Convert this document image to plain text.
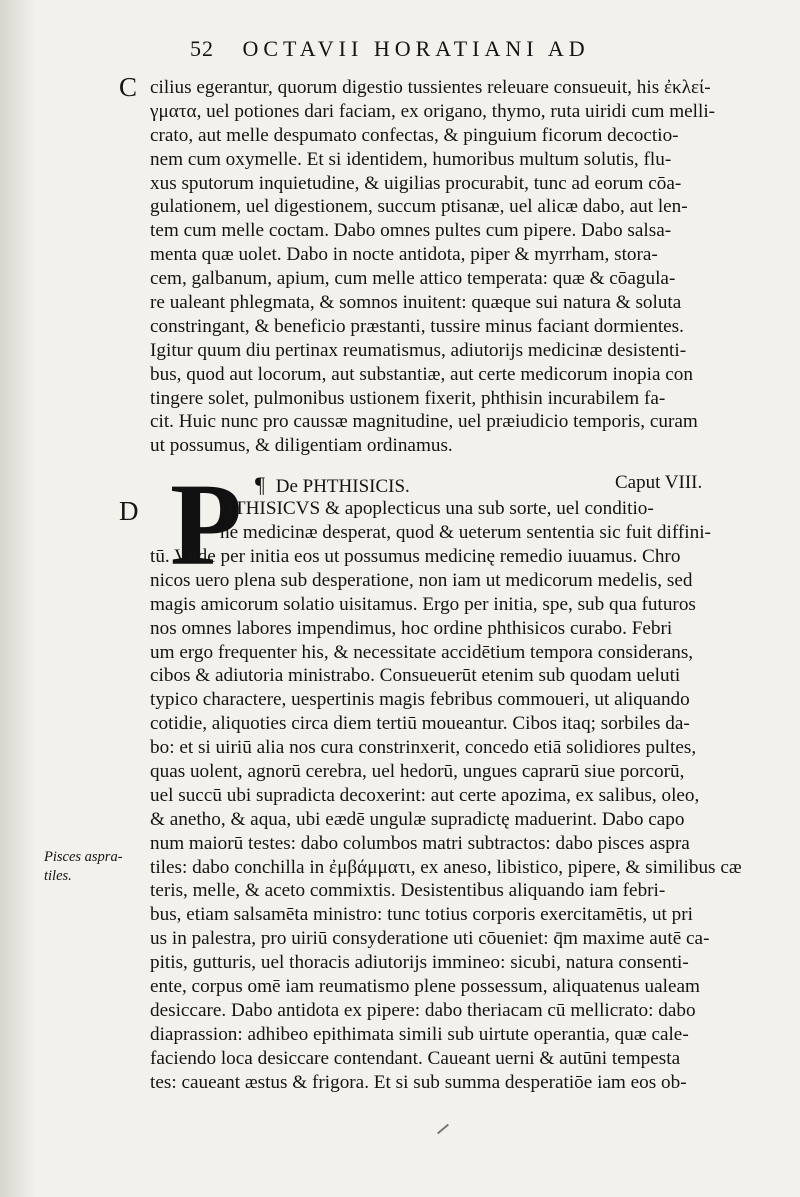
52 OCTAVII HORATIANI AD
C cilius egerantur, quorum digestio tussientes releuare consueuit, his ἐκλεί-
γματα, uel potiones dari faciam, ex origano, thymo, ruta uiridi cum melli-
crato, aut melle despumato confectas, & pinguium ficorum decoctio-
nem cum oxymelle. Et si identidem, humoribus multum solutis, flu-
xus sputorum inquietudine, & uigilias procurabit, tunc ad eorum cōa-
gulationem, uel digestionem, succum ptisanæ, uel alicæ dabo, aut len-
tem cum melle coctam. Dabo omnes pultes cum pipere. Dabo salsa-
menta quæ uolet. Dabo in nocte antidota, piper & myrrham, stora-
cem, galbanum, apium, cum melle attico temperata: quæ & cōagula-
re ualeant phlegmata, & somnos inuitent: quæque sui natura & soluta
constringant, & beneficio præstanti, tussire minus faciant dormientes.
Igitur quum diu pertinax reumatismus, adiutorijs medicinæ desistenti-
bus, quod aut locorum, aut substantiæ, aut certe medicorum inopia con
tingere solet, pulmonibus ustionem fixerit, phthisin incurabilem fa-
cit. Huic nunc pro caussæ magnitudine, uel præiudicio temporis, curam
ut possumus, & diligentiam ordinamus.
P ¶ De PHTHISICIS.	Caput VIII.
D	HTHISICVS & apoplecticus una sub sorte, uel conditio-
ne medicinæ desperat, quod & ueterum sententia sic fuit diffini-
tū. Vnde per initia eos ut possumus medicinę remedio iuuamus. Chro
nicos uero plena sub desperatione, non iam ut medicorum medelis, sed
magis amicorum solatio uisitamus. Ergo per initia, spe, sub qua futuros
nos omnes labores impendimus, hoc ordine phthisicos curabo. Febri
um ergo frequenter his, & necessitate accidētium tempora considerans,
cibos & adiutoria ministrabo. Consueuerūt etenim sub quodam ueluti
typico charactere, uespertinis magis febribus commoueri, ut aliquando
cotidie, aliquoties circa diem tertiū moueantur. Cibos itaq; sorbiles da-
bo: et si uiriū alia nos cura constrinxerit, concedo etiā solidiores pultes,
quas uolent, agnorū cerebra, uel hedorū, ungues caprarū siue porcorū,
uel succū ubi supradicta decoxerint: aut certe apozima, ex salibus, oleo,
& anetho, & aqua, ubi eædē ungulæ supradictę maduerint. Dabo capo
num maiorū testes: dabo columbos matri subtractos: dabo pisces aspra
tiles: dabo conchilla in ἐμβάμματι, ex aneso, libistico, pipere, & similibus cæ
teris, melle, & aceto commixtis. Desistentibus aliquando iam febri-
bus, etiam salsamēta ministro: tunc totius corporis exercitamētis, ut pri
us in palestra, pro uiriū consyderatione uti cōueniet: q̄m maxime autē ca-
pitis, gutturis, uel thoracis adiutorijs immineo: sicubi, natura consenti-
ente, corpus omē iam reumatismo plene possessum, aliquatenus ualeam
desiccare. Dabo antidota ex pipere: dabo theriacam cū mellicrato: dabo
diaprassion: adhibeo epithimata simili sub uirtute operantia, quæ cale-
faciendo loca desiccare contendant. Caueant uerni & autūni tempesta
tes: caueant æstus & frigora. Et si sub summa desperatiōe iam eos ob-
Pisces aspra-
tiles.
